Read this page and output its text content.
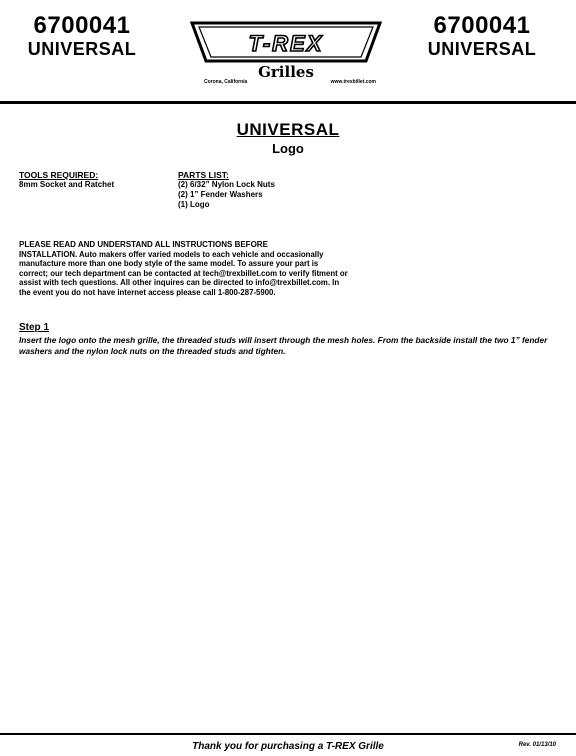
6700041
UNIVERSAL	T-REX
Grilles
Corona, California	www.trexbillet.com
6700041
UNIVERSAL
UNIVERSAL
Logo
TOOLS REQUIRED:
8mm Socket and Ratchet
PARTS LIST:
(2) 6/32” Nylon Lock Nuts
(2) 1” Fender Washers
(1) Logo
PLEASE READ AND UNDERSTAND ALL INSTRUCTIONS BEFORE
INSTALLATION. Auto makers offer varied models to each vehicle and occasionally
manufacture more than one body style of the same model. To assure your part is
correct; our tech department can be contacted at tech@trexbillet.com to verify fitment or
assist with tech questions. All other inquires can be directed to info@trexbillet.com. In
the event you do not have internet access please call 1-800-287-5900.
Step 1
Insert the logo onto the mesh grille, the threaded studs will insert through the mesh holes. From the backside install the two 1” fender washers and the nylon lock nuts on the threaded studs and tighten.
Thank you for purchasing a T-REX Grille	Rev. 01/13/10
